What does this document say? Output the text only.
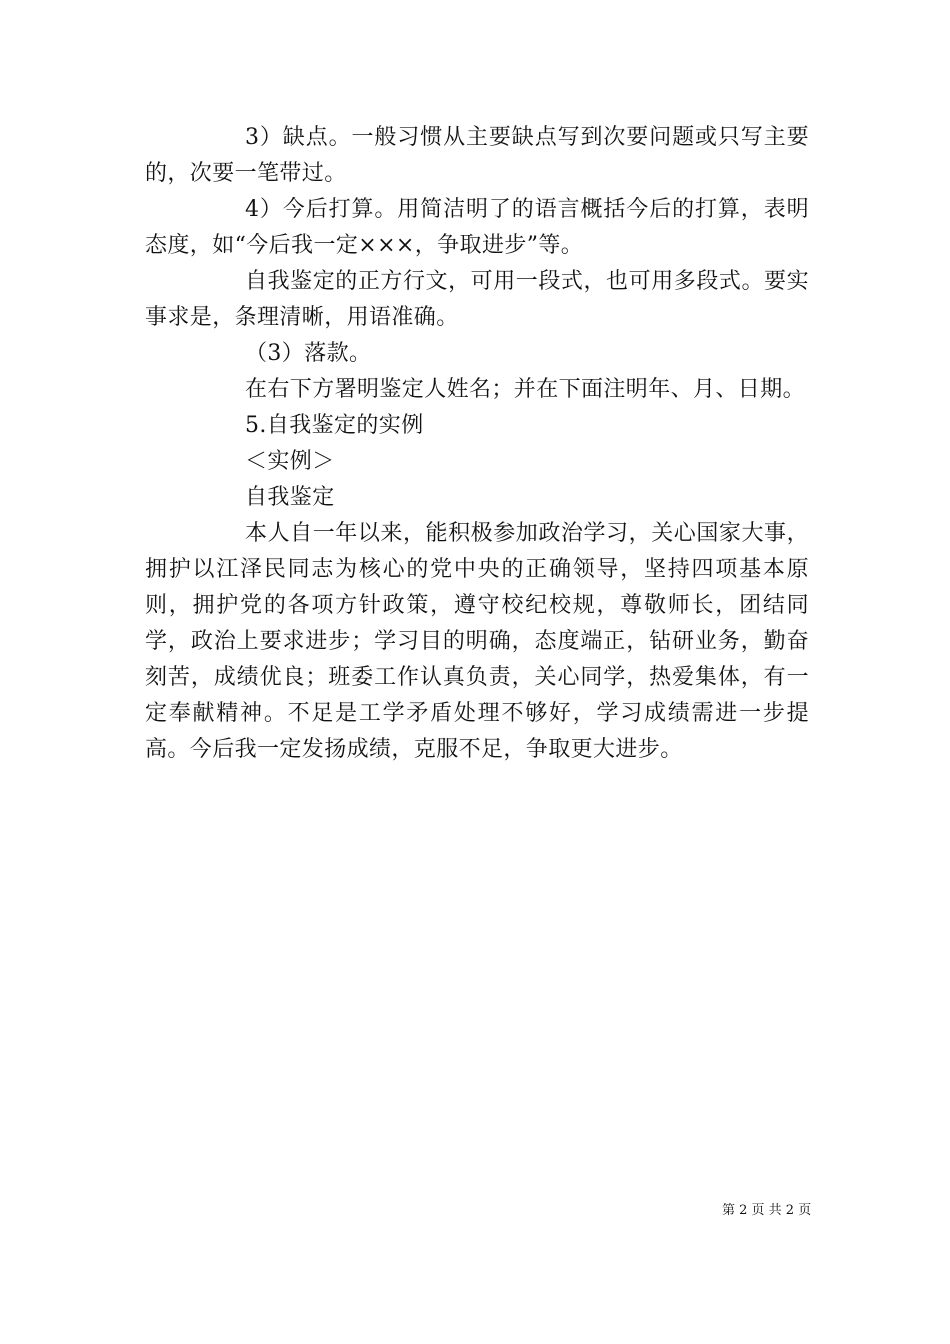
3）缺点。一般习惯从主要缺点写到次要问题或只写主要的，次要一笔带过。

4）今后打算。用简洁明了的语言概括今后的打算，表明态度，如“今后我一定×××，争取进步”等。

自我鉴定的正方行文，可用一段式，也可用多段式。要实事求是，条理清晰，用语准确。

（3）落款。

在右下方署明鉴定人姓名；并在下面注明年、月、日期。

5.自我鉴定的实例

＜实例＞

自我鉴定

本人自一年以来，能积极参加政治学习，关心国家大事，拥护以江泽民同志为核心的党中央的正确领导，坚持四项基本原则，拥护党的各项方针政策，遵守校纪校规，尊敬师长，团结同学，政治上要求进步；学习目的明确，态度端正，钻研业务，勤奋刻苦，成绩优良；班委工作认真负责，关心同学，热爱集体，有一定奉献精神。不足是工学矛盾处理不够好，学习成绩需进一步提高。今后我一定发扬成绩，克服不足，争取更大进步。

第 2 页 共 2 页
